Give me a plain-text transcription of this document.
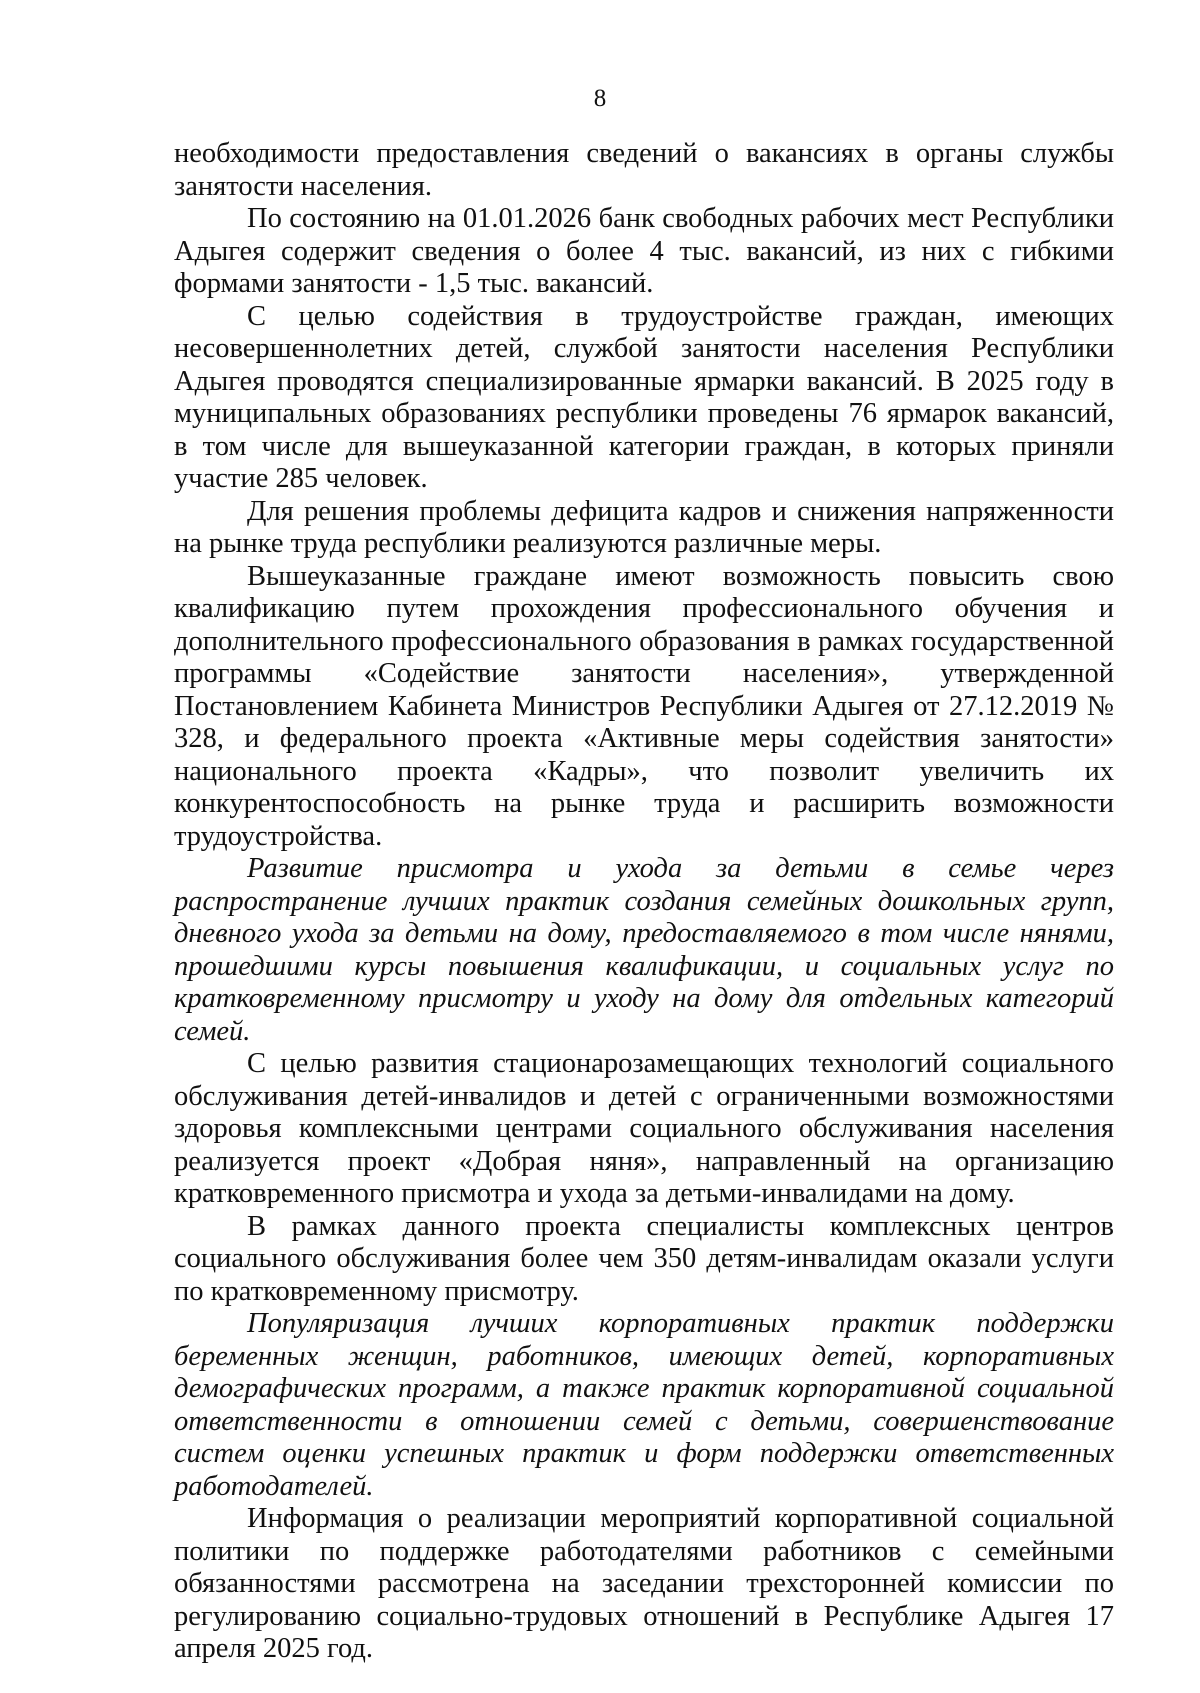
8

необходимости предоставления сведений о вакансиях в органы службы занятости населения.

По состоянию на 01.01.2026 банк свободных рабочих мест Республики Адыгея содержит сведения о более 4 тыс. вакансий, из них с гибкими формами занятости - 1,5 тыс. вакансий.

С целью содействия в трудоустройстве граждан, имеющих несовершеннолетних детей, службой занятости населения Республики Адыгея проводятся специализированные ярмарки вакансий. В 2025 году в муниципальных образованиях республики проведены 76 ярмарок вакансий, в том числе для вышеуказанной категории граждан, в которых приняли участие 285 человек.

Для решения проблемы дефицита кадров и снижения напряженности на рынке труда республики реализуются различные меры.

Вышеуказанные граждане имеют возможность повысить свою квалификацию путем прохождения профессионального обучения и дополнительного профессионального образования в рамках государственной программы «Содействие занятости населения», утвержденной Постановлением Кабинета Министров Республики Адыгея от 27.12.2019 № 328, и федерального проекта «Активные меры содействия занятости» национального проекта «Кадры», что позволит увеличить их конкурентоспособность на рынке труда и расширить возможности трудоустройства.

Развитие присмотра и ухода за детьми в семье через распространение лучших практик создания семейных дошкольных групп, дневного ухода за детьми на дому, предоставляемого в том числе нянями, прошедшими курсы повышения квалификации, и социальных услуг по кратковременному присмотру и уходу на дому для отдельных категорий семей.

С целью развития стационарозамещающих технологий социального обслуживания детей-инвалидов и детей с ограниченными возможностями здоровья комплексными центрами социального обслуживания населения реализуется проект «Добрая няня», направленный на организацию кратковременного присмотра и ухода за детьми-инвалидами на дому.

В рамках данного проекта специалисты комплексных центров социального обслуживания более чем 350 детям-инвалидам оказали услуги по кратковременному присмотру.

Популяризация лучших корпоративных практик поддержки беременных женщин, работников, имеющих детей, корпоративных демографических программ, а также практик корпоративной социальной ответственности в отношении семей с детьми, совершенствование систем оценки успешных практик и форм поддержки ответственных работодателей.

Информация о реализации мероприятий корпоративной социальной политики по поддержке работодателями работников с семейными обязанностями рассмотрена на заседании трехсторонней комиссии по регулированию социально-трудовых отношений в Республике Адыгея 17 апреля 2025 год.
